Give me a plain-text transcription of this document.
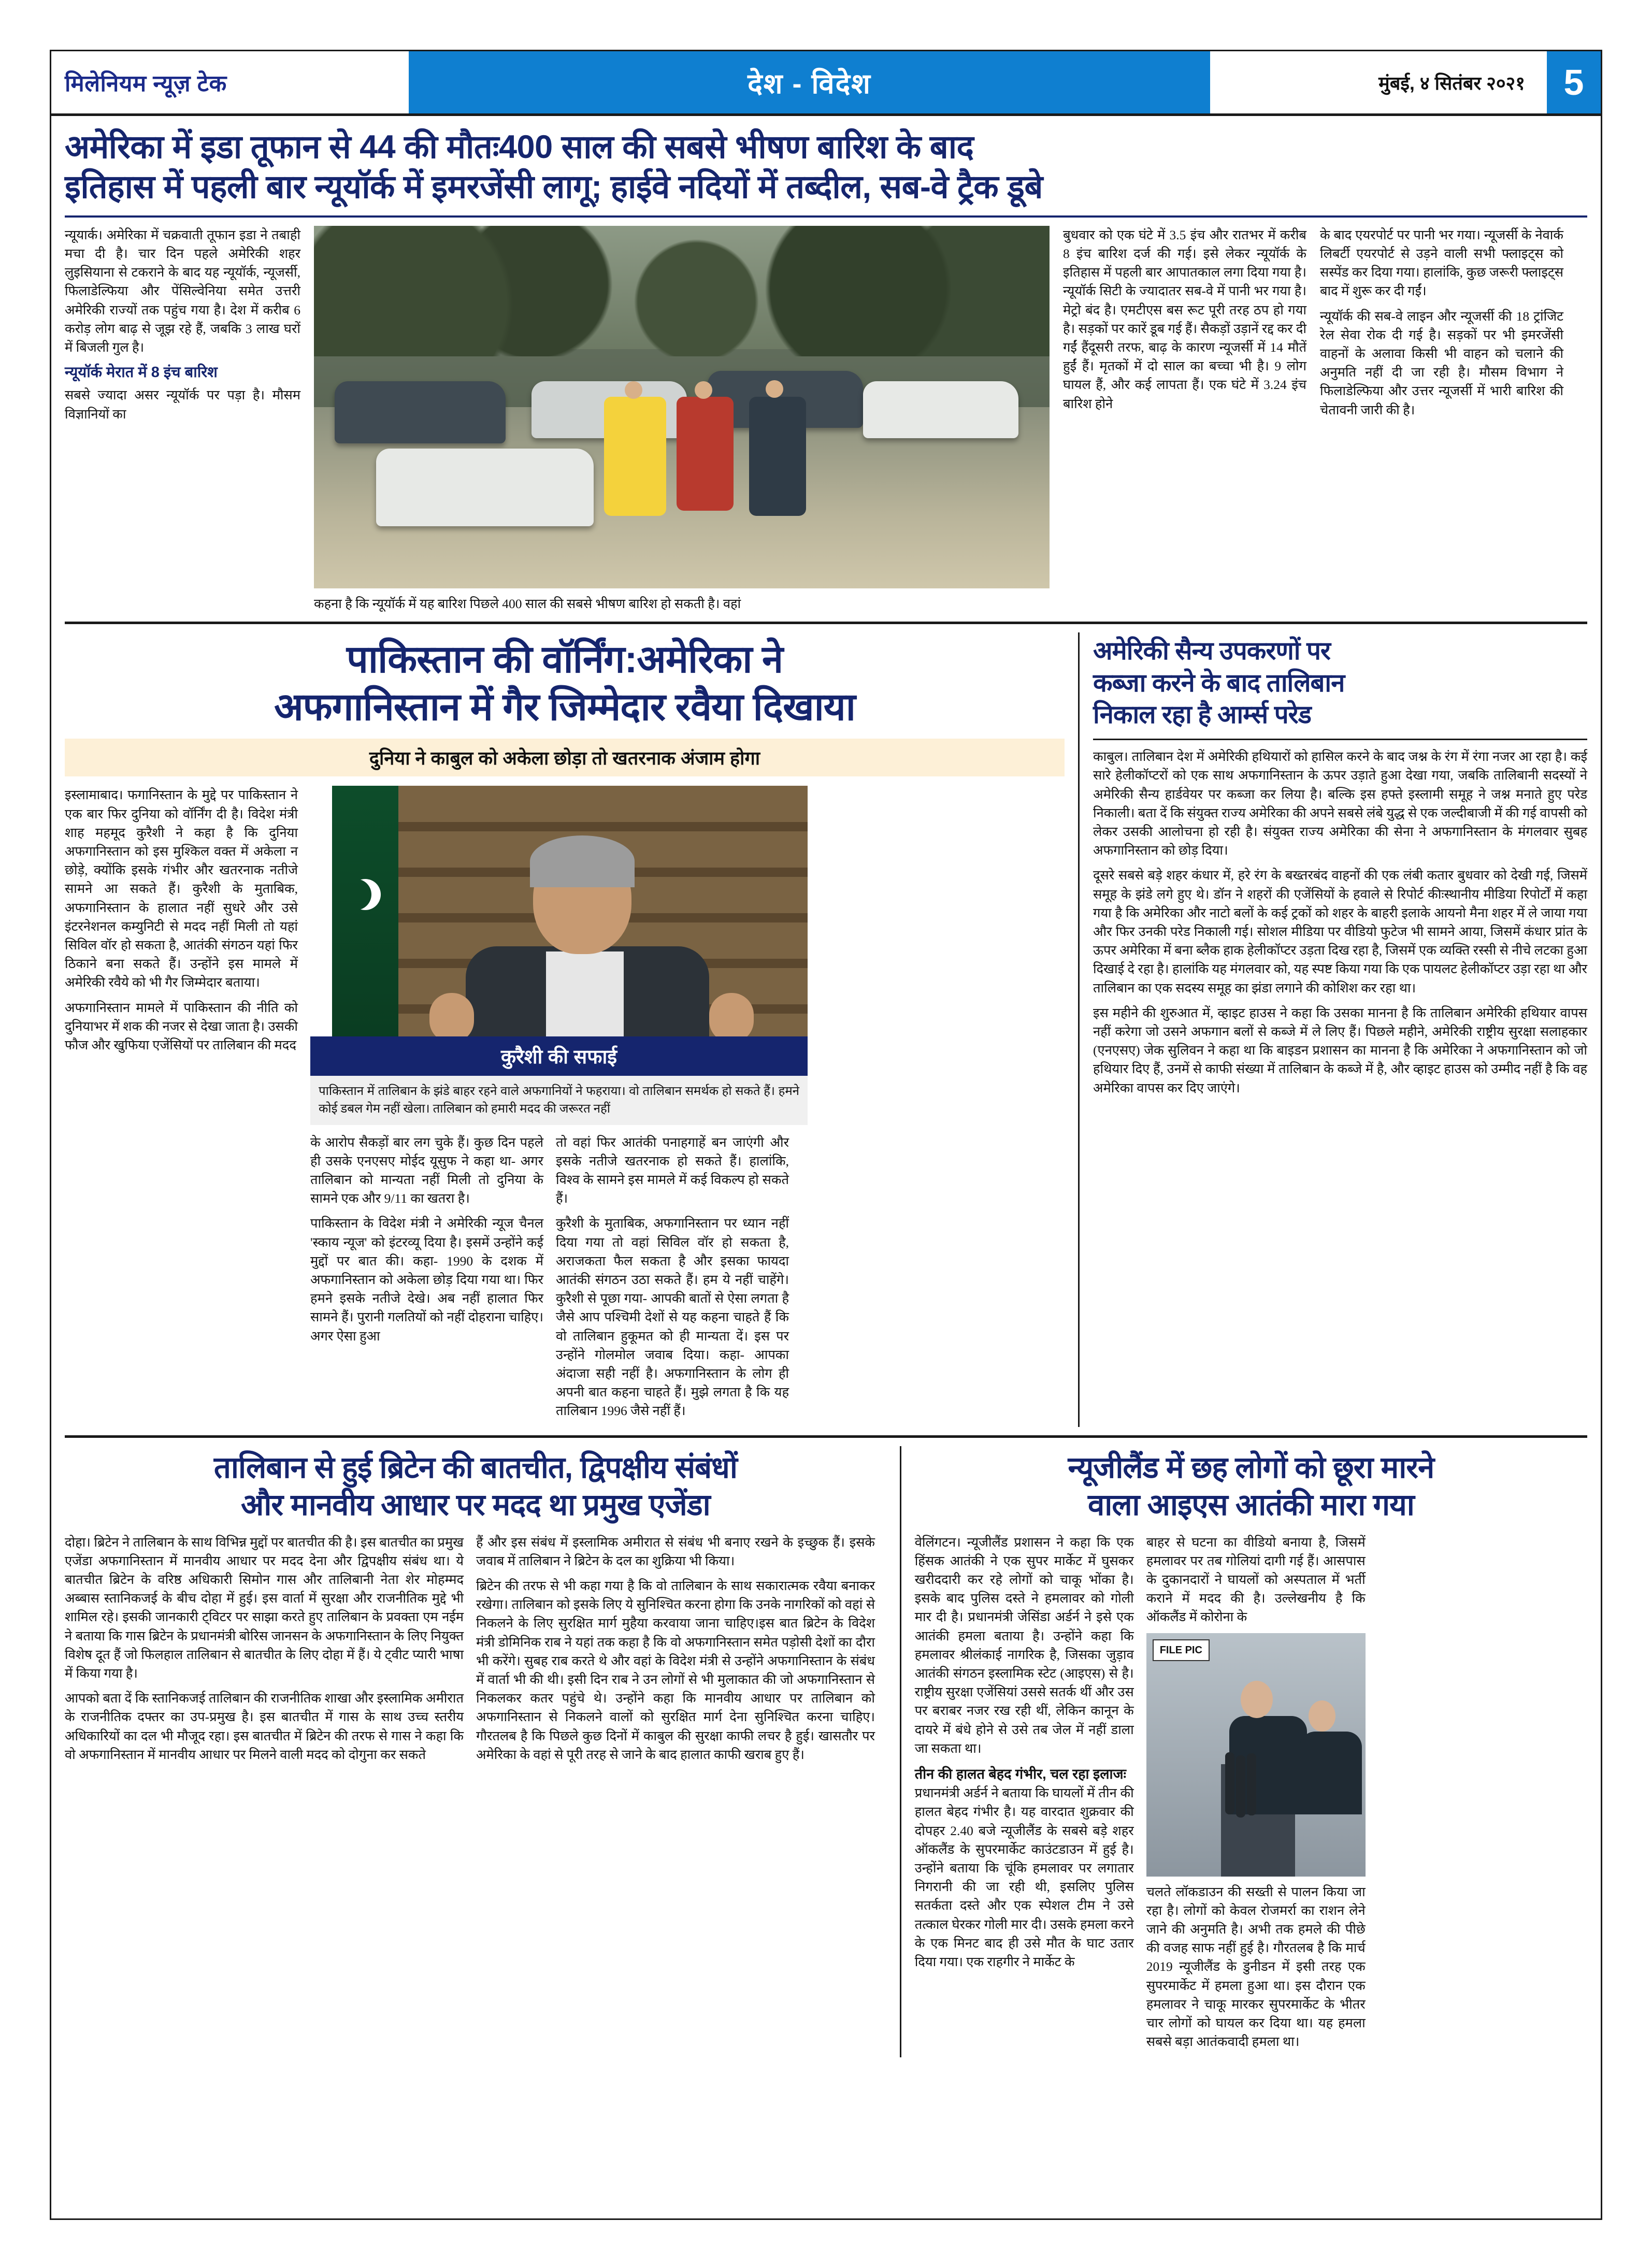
मिलेनियम न्यूज़ टेक	देश - विदेश	मुंबई, ४ सितंबर २०२१	5
अमेरिका में इडा तूफान से 44 की मौतः400 साल की सबसे भीषण बारिश के बाद
इतिहास में पहली बार न्यूयॉर्क में इमरजेंसी लागू; हाईवे नदियों में तब्दील, सब-वे ट्रैक डूबे

न्यूयार्क। अमेरिका में चक्रवाती तूफान इडा ने तबाही मचा दी है। चार दिन पहले अमेरिकी शहर लुइसियाना से टकराने के बाद यह न्यूयॉर्क, न्यूजर्सी, फिलाडेल्फिया और पेंसिल्वेनिया समेत उत्तरी अमेरिकी राज्यों तक पहुंच गया है। देश में करीब 6 करोड़ लोग बाढ़ से जूझ रहे हैं, जबकि 3 लाख घरों में बिजली गुल है।

न्यूयॉर्क मेरात में 8 इंच बारिश

सबसे ज्यादा असर न्यूयॉर्क पर पड़ा है। मौसम विज्ञानियों का

कहना है कि न्यूयॉर्क में यह बारिश पिछले 400 साल की सबसे भीषण बारिश हो सकती है। वहां

बुधवार को एक घंटे में 3.5 इंच और रातभर में करीब 8 इंच बारिश दर्ज की गई। इसे लेकर न्यूयॉर्क के इतिहास में पहली बार आपातकाल लगा दिया गया है। न्यूयॉर्क सिटी के ज्यादातर सब-वे में पानी भर गया है। मेट्रो बंद है। एमटीएस बस रूट पूरी तरह ठप हो गया है। सड़कों पर कारें डूब गई हैं। सैकड़ों उड़ानें रद्द कर दी गईं हैंदूसरी तरफ, बाढ़ के कारण न्यूजर्सी में 14 मौतें हुईं हैं। मृतकों में दो साल का बच्चा भी है। 9 लोग घायल हैं, और कई लापता हैं। एक घंटे में 3.24 इंच बारिश होने

के बाद एयरपोर्ट पर पानी भर गया। न्यूजर्सी के नेवार्क लिबर्टी एयरपोर्ट से उड़ने वाली सभी फ्लाइट्स को सस्पेंड कर दिया गया। हालांकि, कुछ जरूरी फ्लाइट्स बाद में शुरू कर दी गईं।

न्यूयॉर्क की सब-वे लाइन और न्यूजर्सी की 18 ट्रांजिट रेल सेवा रोक दी गई है। सड़कों पर भी इमरजेंसी वाहनों के अलावा किसी भी वाहन को चलाने की अनुमति नहीं दी जा रही है। मौसम विभाग ने फिलाडेल्फिया और उत्तर न्यूजर्सी में भारी बारिश की चेतावनी जारी की है।

पाकिस्तान की वॉर्निंग:अमेरिका ने
अफगानिस्तान में गैर जिम्मेदार रवैया दिखाया
दुनिया ने काबुल को अकेला छोड़ा तो खतरनाक अंजाम होगा

इस्लामाबाद। फगानिस्तान के मुद्दे पर पाकिस्तान ने एक बार फिर दुनिया को वॉर्निंग दी है। विदेश मंत्री शाह महमूद कुरैशी ने कहा है कि दुनिया अफगानिस्तान को इस मुश्किल वक्त में अकेला न छोड़े, क्योंकि इसके गंभीर और खतरनाक नतीजे सामने आ सकते हैं। कुरैशी के मुताबिक, अफगानिस्तान के हालात नहीं सुधरे और उसे इंटरनेशनल कम्युनिटी से मदद नहीं मिली तो यहां सिविल वॉर हो सकता है, आतंकी संगठन यहां फिर ठिकाने बना सकते हैं। उन्होंने इस मामले में अमेरिकी रवैये को भी गैर जिम्मेदार बताया।

अफगानिस्तान मामले में पाकिस्तान की नीति को दुनियाभर में शक की नजर से देखा जाता है। उसकी फौज और खुफिया एजेंसियों पर तालिबान की मदद

कुरैशी की सफाई
पाकिस्तान में तालिबान के झंडे बाहर रहने वाले अफगानियों ने फहराया। वो तालिबान समर्थक हो सकते हैं। हमने कोई डबल गेम नहीं खेला। तालिबान को हमारी मदद की जरूरत नहीं

के आरोप सैकड़ों बार लग चुके हैं। कुछ दिन पहले ही उसके एनएसए मोईद यूसुफ ने कहा था- अगर तालिबान को मान्यता नहीं मिली तो दुनिया के सामने एक और 9/11 का खतरा है।

पाकिस्तान के विदेश मंत्री ने अमेरिकी न्यूज चैनल 'स्काय न्यूज' को इंटरव्यू दिया है। इसमें उन्होंने कई मुद्दों पर बात की। कहा- 1990 के दशक में अफगानिस्तान को अकेला छोड़ दिया गया था। फिर हमने इसके नतीजे देखे। अब नहीं हालात फिर सामने हैं। पुरानी गलतियों को नहीं दोहराना चाहिए। अगर ऐसा हुआ

तो वहां फिर आतंकी पनाहगाहें बन जाएंगी और इसके नतीजे खतरनाक हो सकते हैं। हालांकि, विश्व के सामने इस मामले में कई विकल्प हो सकते हैं।

कुरैशी के मुताबिक, अफगानिस्तान पर ध्यान नहीं दिया गया तो वहां सिविल वॉर हो सकता है, अराजकता फैल सकता है और इसका फायदा आतंकी संगठन उठा सकते हैं। हम ये नहीं चाहेंगे। कुरैशी से पूछा गया- आपकी बातों से ऐसा लगता है जैसे आप पश्चिमी देशों से यह कहना चाहते हैं कि वो तालिबान हुकूमत को ही मान्यता दें। इस पर उन्होंने गोलमोल जवाब दिया। कहा- आपका अंदाजा सही नहीं है। अफगानिस्तान के लोग ही अपनी बात कहना चाहते हैं। मुझे लगता है कि यह तालिबान 1996 जैसे नहीं हैं।

अमेरिकी सैन्य उपकरणों पर
कब्जा करने के बाद तालिबान
निकाल रहा है आर्म्स परेड

काबुल। तालिबान देश में अमेरिकी हथियारों को हासिल करने के बाद जश्न के रंग में रंगा नजर आ रहा है। कई सारे हेलीकॉप्टरों को एक साथ अफगानिस्तान के ऊपर उड़ाते हुआ देखा गया, जबकि तालिबानी सदस्यों ने अमेरिकी सैन्य हार्डवेयर पर कब्जा कर लिया है। बल्कि इस हफ्ते इस्लामी समूह ने जश्न मनाते हुए परेड निकाली। बता दें कि संयुक्त राज्य अमेरिका की अपने सबसे लंबे युद्ध से एक जल्दीबाजी में की गई वापसी को लेकर उसकी आलोचना हो रही है। संयुक्त राज्य अमेरिका की सेना ने अफगानिस्तान के मंगलवार सुबह अफगानिस्तान को छोड़ दिया।

दूसरे सबसे बड़े शहर कंधार में, हरे रंग के बख्तरबंद वाहनों की एक लंबी कतार बुधवार को देखी गई, जिसमें समूह के झंडे लगे हुए थे। डॉन ने शहरों की एजेंसियों के हवाले से रिपोर्ट कीःस्थानीय मीडिया रिपोर्टों में कहा गया है कि अमेरिका और नाटो बलों के कई ट्रकों को शहर के बाहरी इलाके आयनो मैना शहर में ले जाया गया और फिर उनकी परेड निकाली गई। सोशल मीडिया पर वीडियो फुटेज भी सामने आया, जिसमें कंधार प्रांत के ऊपर अमेरिका में बना ब्लैक हाक हेलीकॉप्टर उड़ता दिख रहा है, जिसमें एक व्यक्ति रस्सी से नीचे लटका हुआ दिखाई दे रहा है। हालांकि यह मंगलवार को, यह स्पष्ट किया गया कि एक पायलट हेलीकॉप्टर उड़ा रहा था और तालिबान का एक सदस्य समूह का झंडा लगाने की कोशिश कर रहा था।

इस महीने की शुरुआत में, व्हाइट हाउस ने कहा कि उसका मानना है कि तालिबान अमेरिकी हथियार वापस नहीं करेगा जो उसने अफगान बलों से कब्जे में ले लिए हैं। पिछले महीने, अमेरिकी राष्ट्रीय सुरक्षा सलाहकार (एनएसए) जेक सुलिवन ने कहा था कि बाइडन प्रशासन का मानना है कि अमेरिका ने अफगानिस्तान को जो हथियार दिए हैं, उनमें से काफी संख्या में तालिबान के कब्जे में है, और व्हाइट हाउस को उम्मीद नहीं है कि वह अमेरिका वापस कर दिए जाएंगे।

तालिबान से हुई ब्रिटेन की बातचीत, द्विपक्षीय संबंधों
और मानवीय आधार पर मदद था प्रमुख एजेंडा

दोहा। ब्रिटेन ने तालिबान के साथ विभिन्न मुद्दों पर बातचीत की है। इस बातचीत का प्रमुख एजेंडा अफगानिस्तान में मानवीय आधार पर मदद देना और द्विपक्षीय संबंध था। ये बातचीत ब्रिटेन के वरिष्ठ अधिकारी सिमोन गास और तालिबानी नेता शेर मोहम्मद अब्बास स्तानिकजई के बीच दोहा में हुई। इस वार्ता में सुरक्षा और राजनीतिक मुद्दे भी शामिल रहे। इसकी जानकारी ट्विटर पर साझा करते हुए तालिबान के प्रवक्ता एम नईम ने बताया कि गास ब्रिटेन के प्रधानमंत्री बोरिस जानसन के अफगानिस्तान के लिए नियुक्त विशेष दूत हैं जो फिलहाल तालिबान से बातचीत के लिए दोहा में हैं। ये ट्वीट प्यारी भाषा में किया गया है।

आपको बता दें कि स्तानिकजई तालिबान की राजनीतिक शाखा और इस्लामिक अमीरात के राजनीतिक दफ्तर का उप-प्रमुख है। इस बातचीत में गास के साथ उच्च स्तरीय अधिकारियों का दल भी मौजूद रहा। इस बातचीत में ब्रिटेन की तरफ से गास ने कहा कि वो अफगानिस्तान में मानवीय आधार पर मिलने वाली मदद को दोगुना कर सकते

हैं और इस संबंध में इस्लामिक अमीरात से संबंध भी बनाए रखने के इच्छुक हैं। इसके जवाब में तालिबान ने ब्रिटेन के दल का शुक्रिया भी किया।

ब्रिटेन की तरफ से भी कहा गया है कि वो तालिबान के साथ सकारात्मक रवैया बनाकर रखेगा। तालिबान को इसके लिए ये सुनिश्चित करना होगा कि उनके नागरिकों को वहां से निकलने के लिए सुरक्षित मार्ग मुहैया करवाया जाना चाहिए।इस बात ब्रिटेन के विदेश मंत्री डोमिनिक राब ने यहां तक कहा है कि वो अफगानिस्तान समेत पड़ोसी देशों का दौरा भी करेंगे। सुबह राब करते थे और वहां के विदेश मंत्री से उन्होंने अफगानिस्तान के संबंध में वार्ता भी की थी। इसी दिन राब ने उन लोगों से भी मुलाकात की जो अफगानिस्तान से निकलकर कतर पहुंचे थे। उन्होंने कहा कि मानवीय आधार पर तालिबान को अफगानिस्तान से निकलने वालों को सुरक्षित मार्ग देना सुनिश्चित करना चाहिए। गौरतलब है कि पिछले कुछ दिनों में काबुल की सुरक्षा काफी लचर है हुई। खासतौर पर अमेरिका के वहां से पूरी तरह से जाने के बाद हालात काफी खराब हुए हैं।

न्यूजीलैंड में छह लोगों को छूरा मारने
वाला आइएस आतंकी मारा गया

वेलिंगटन। न्यूजीलैंड प्रशासन ने कहा कि एक हिंसक आतंकी ने एक सुपर मार्केट में घुसकर खरीददारी कर रहे लोगों को चाकू भोंका है। इसके बाद पुलिस दस्ते ने हमलावर को गोली मार दी है। प्रधानमंत्री जेसिंडा अर्डर्न ने इसे एक आतंकी हमला बताया है। उन्होंने कहा कि हमलावर श्रीलंकाई नागरिक है, जिसका जुड़ाव आतंकी संगठन इस्लामिक स्टेट (आइएस) से है। राष्ट्रीय सुरक्षा एजेंसियां उससे सतर्क थीं और उस पर बराबर नजर रख रही थीं, लेकिन कानून के दायरे में बंधे होने से उसे तब जेल में नहीं डाला जा सकता था।

तीन की हालत बेहद गंभीर, चल रहा इलाजः

प्रधानमंत्री अर्डर्न ने बताया कि घायलों में तीन की हालत बेहद गंभीर है। यह वारदात शुक्रवार की दोपहर 2.40 बजे न्यूजीलैंड के सबसे बड़े शहर ऑकलैंड के सुपरमार्केट काउंटडाउन में हुई है। उन्होंने बताया कि चूंकि हमलावर पर लगातार निगरानी की जा रही थी, इसलिए पुलिस सतर्कता दस्ते और एक स्पेशल टीम ने उसे तत्काल घेरकर गोली मार दी। उसके हमला करने के एक मिनट बाद ही उसे मौत के घाट उतार दिया गया। एक राहगीर ने मार्केट के

बाहर से घटना का वीडियो बनाया है, जिसमें हमलावर पर तब गोलियां दागी गई हैं। आसपास के दुकानदारों ने घायलों को अस्पताल में भर्ती कराने में मदद की है। उल्लेखनीय है कि ऑकलैंड में कोरोना के

FILE PIC

चलते लॉकडाउन की सख्ती से पालन किया जा रहा है। लोगों को केवल रोजमर्रा का राशन लेने जाने की अनुमति है। अभी तक हमले की पीछे की वजह साफ नहीं हुई है। गौरतलब है कि मार्च 2019 न्यूजीलैंड के डुनीडन में इसी तरह एक सुपरमार्केट में हमला हुआ था। इस दौरान एक हमलावर ने चाकू मारकर सुपरमार्केट के भीतर चार लोगों को घायल कर दिया था। यह हमला सबसे बड़ा आतंकवादी हमला था।
